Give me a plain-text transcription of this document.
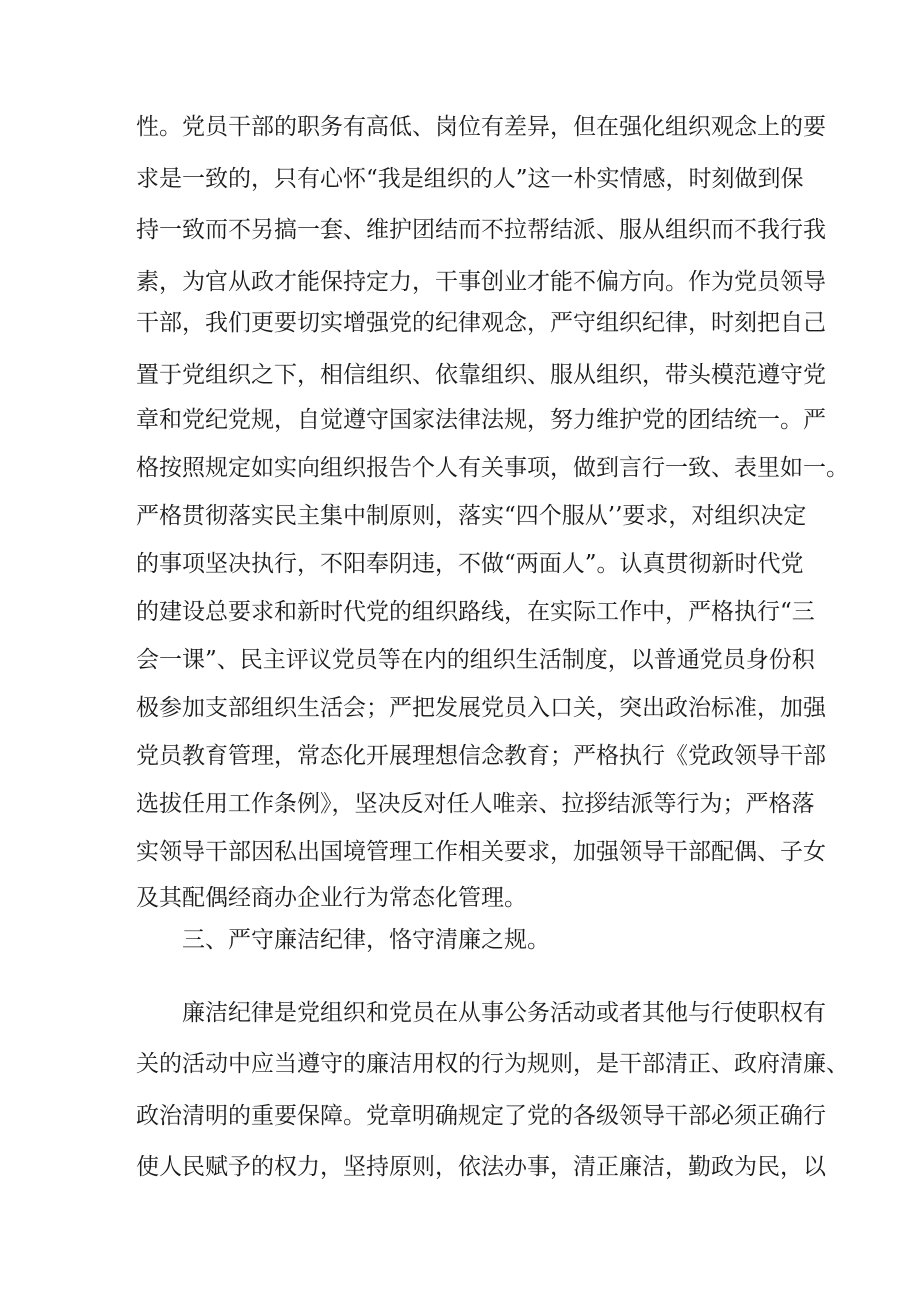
性。党员干部的职务有高低、岗位有差异，但在强化组织观念上的要
求是一致的，只有心怀“我是组织的人”这一朴实情感，时刻做到保
持一致而不另搞一套、维护团结而不拉帮结派、服从组织而不我行我
素，为官从政才能保持定力，干事创业才能不偏方向。作为党员领导
干部，我们更要切实增强党的纪律观念，严守组织纪律，时刻把自己
置于党组织之下，相信组织、依靠组织、服从组织，带头模范遵守党
章和党纪党规，自觉遵守国家法律法规，努力维护党的团结统一。严
格按照规定如实向组织报告个人有关事项，做到言行一致、表里如一。
严格贯彻落实民主集中制原则，落实“四个服从’’要求，对组织决定
的事项坚决执行，不阳奉阴违，不做“两面人”。认真贯彻新时代党
的建设总要求和新时代党的组织路线，在实际工作中，严格执行“三
会一课”、民主评议党员等在内的组织生活制度，以普通党员身份积
极参加支部组织生活会；严把发展党员入口关，突出政治标准，加强
党员教育管理，常态化开展理想信念教育；严格执行《党政领导干部
选拔任用工作条例》，坚决反对任人唯亲、拉拶结派等行为；严格落
实领导干部因私出国境管理工作相关要求，加强领导干部配偶、子女
及其配偶经商办企业行为常态化管理。
三、严守廉洁纪律，恪守清廉之规。
廉洁纪律是党组织和党员在从事公务活动或者其他与行使职权有
关的活动中应当遵守的廉洁用权的行为规则，是干部清正、政府清廉、
政治清明的重要保障。党章明确规定了党的各级领导干部必须正确行
使人民赋予的权力，坚持原则，依法办事，清正廉洁，勤政为民，以
